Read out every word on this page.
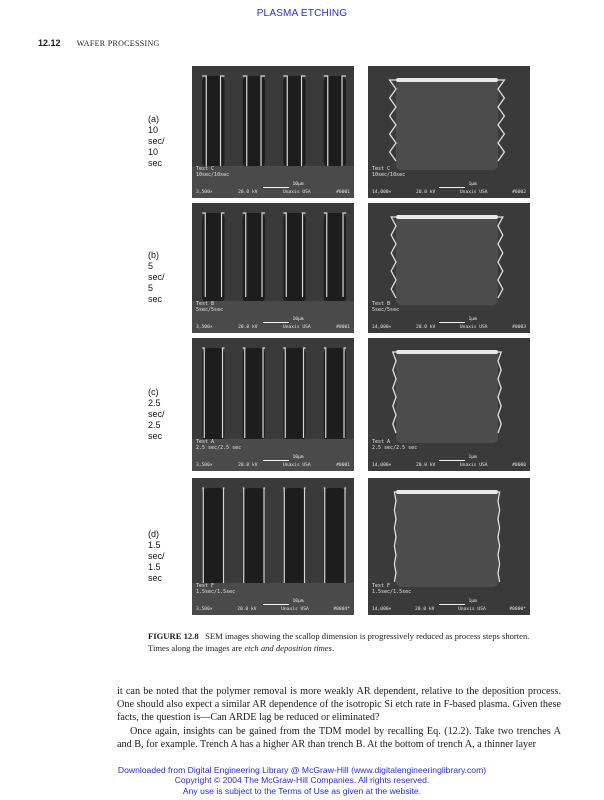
PLASMA ETCHING
12.12 WAFER PROCESSING
(a)
10 sec/
10 sec
Test C
10sec/10sec
10µm
3,500×	20.0 kV	Unaxis USA	#0001
Test C
10sec/10sec
1µm
14,000×	20.0 kV	Unaxis USA	#0002
(b)
5 sec/
5 sec	Test B
5sec/5sec
10µm
3,500×	20.0 kV	Unaxis USA	#0001
Test B
5sec/5sec
1µm
14,000×	20.0 kV	Unaxis USA	#0003
(c)
2.5 sec/
2.5 sec
Test A
2.5 sec/2.5 sec
10µm
3,500×	20.0 kV	Unaxis USA	#0001
Test A
2.5 sec/2.5 sec
1µm
14,000×	20.0 kV	Unaxis USA	#0000
(d)
1.5 sec/
1.5 sec
Test F
1.5sec/1.5sec
10µm
3,500×	20.0 kV	Unaxis USA	#0004*
Test F
1.5sec/1.5sec
1µm
14,000×	20.0 kV	Unaxis USA	#0000*
FIGURE 12.8 SEM images showing the scallop dimension is progressively reduced as process steps shorten. Times along the images are etch and deposition times.

it can be noted that the polymer removal is more weakly AR dependent, relative to the deposition process. One should also expect a similar AR dependence of the isotropic Si etch rate in F-based plasma. Given these facts, the question is—Can ARDE lag be reduced or eliminated?

Once again, insights can be gained from the TDM model by recalling Eq. (12.2). Take two trenches A and B, for example. Trench A has a higher AR than trench B. At the bottom of trench A, a thinner layer

Downloaded from Digital Engineering Library @ McGraw-Hill (www.digitalengineeringlibrary.com)
Copyright © 2004 The McGraw-Hill Companies. All rights reserved.
Any use is subject to the Terms of Use as given at the website.
